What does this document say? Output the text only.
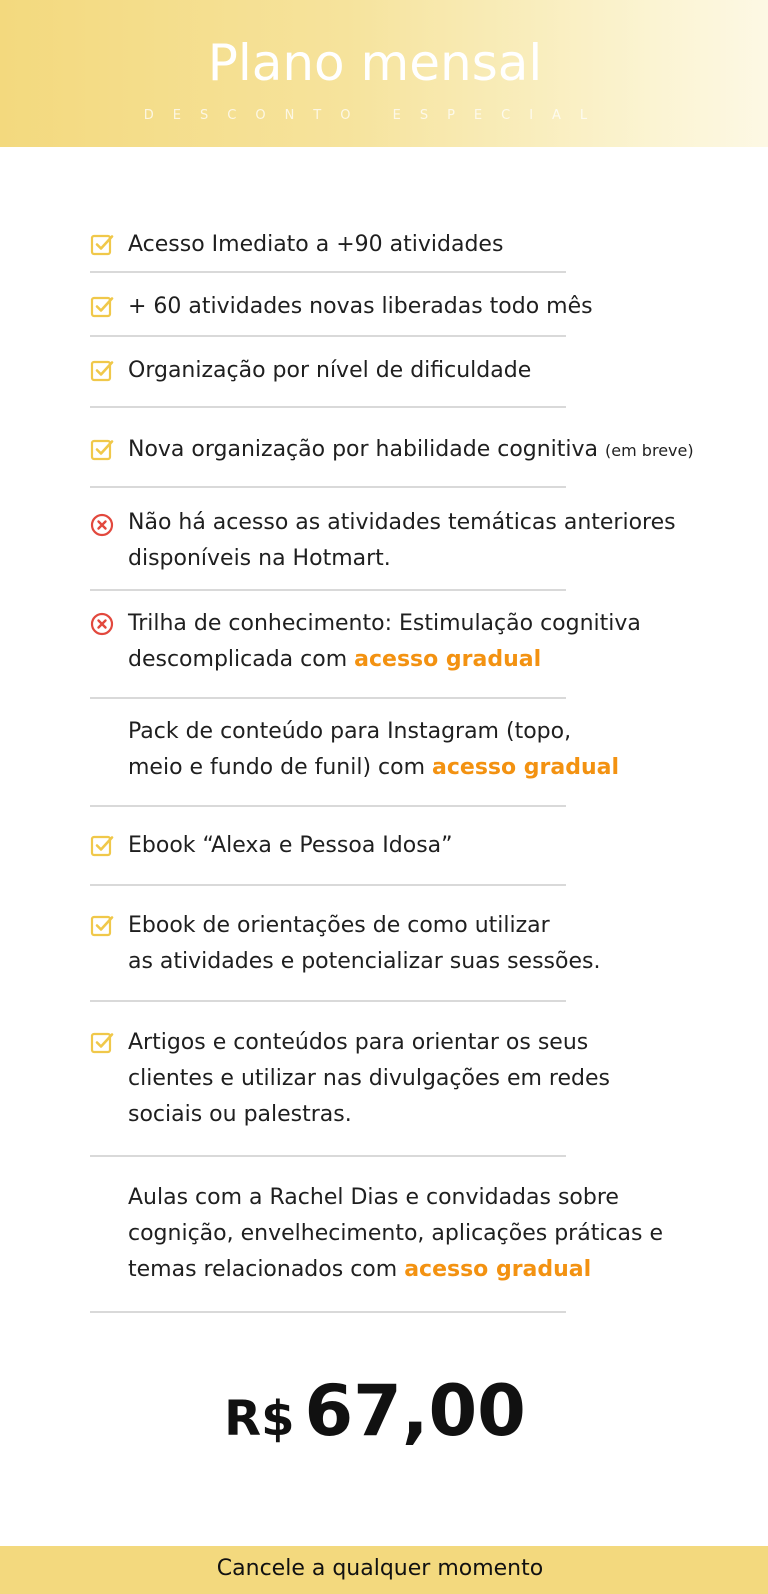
Plano mensal
DESCONTO ESPECIAL
Acesso Imediato a +90 atividades
+ 60 atividades novas liberadas todo mês
Organização por nível de dificuldade
Nova organização por habilidade cognitiva (em breve)
Não há acesso as atividades temáticas anteriores
disponíveis na Hotmart.
Trilha de conhecimento: Estimulação cognitiva
descomplicada com acesso gradual
Pack de conteúdo para Instagram (topo,
meio e fundo de funil) com acesso gradual
Ebook “Alexa e Pessoa Idosa”
Ebook de orientações de como utilizar
as atividades e potencializar suas sessões.
Artigos e conteúdos para orientar os seus
clientes e utilizar nas divulgações em redes
sociais ou palestras.
Aulas com a Rachel Dias e convidadas sobre
cognição, envelhecimento, aplicações práticas e
temas relacionados com acesso gradual
R$ 67,00
Cancele a qualquer momento
